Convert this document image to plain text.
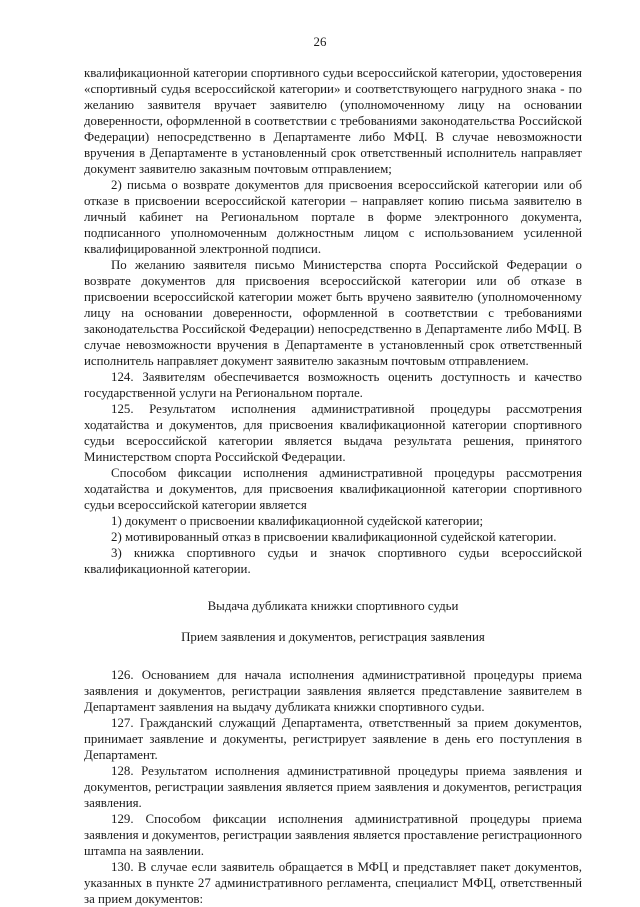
26

квалификационной категории спортивного судьи всероссийской категории, удостоверения «спортивный судья всероссийской категории» и соответствующего нагрудного знака - по желанию заявителя вручает заявителю (уполномоченному лицу на основании доверенности, оформленной в соответствии с требованиями законодательства Российской Федерации) непосредственно в Департаменте либо МФЦ. В случае невозможности вручения в Департаменте в установленный срок ответственный исполнитель направляет документ заявителю заказным почтовым отправлением;

2) письма о возврате документов для присвоения всероссийской категории или об отказе в присвоении всероссийской категории – направляет копию письма заявителю в личный кабинет на Региональном портале в форме электронного документа, подписанного уполномоченным должностным лицом с использованием усиленной квалифицированной электронной подписи.

По желанию заявителя письмо Министерства спорта Российской Федерации о возврате документов для присвоения всероссийской категории или об отказе в присвоении всероссийской категории может быть вручено заявителю (уполномоченному лицу на основании доверенности, оформленной в соответствии с требованиями законодательства Российской Федерации) непосредственно в Департаменте либо МФЦ. В случае невозможности вручения в Департаменте в установленный срок ответственный исполнитель направляет документ заявителю заказным почтовым отправлением.

124. Заявителям обеспечивается возможность оценить доступность и качество государственной услуги на Региональном портале.

125. Результатом исполнения административной процедуры рассмотрения ходатайства и документов, для присвоения квалификационной категории спортивного судьи всероссийской категории является выдача результата решения, принятого Министерством спорта Российской Федерации.

Способом фиксации исполнения административной процедуры рассмотрения ходатайства и документов, для присвоения квалификационной категории спортивного судьи всероссийской категории является

1) документ о присвоении квалификационной судейской категории;

2) мотивированный отказ в присвоении квалификационной судейской категории.

3) книжка спортивного судьи и значок спортивного судьи всероссийской квалификационной категории.

Выдача дубликата книжки спортивного судьи

Прием заявления и документов, регистрация заявления

126. Основанием для начала исполнения административной процедуры приема заявления и документов, регистрации заявления является представление заявителем в Департамент заявления на выдачу дубликата книжки спортивного судьи.

127. Гражданский служащий Департамента, ответственный за прием документов, принимает заявление и документы, регистрирует заявление в день его поступления в Департамент.

128. Результатом исполнения административной процедуры приема заявления и документов, регистрации заявления является прием заявления и документов, регистрация заявления.

129. Способом фиксации исполнения административной процедуры приема заявления и документов, регистрации заявления является проставление регистрационного штампа на заявлении.

130. В случае если заявитель обращается в МФЦ и представляет пакет документов, указанных в пункте 27 административного регламента, специалист МФЦ, ответственный за прием документов:
